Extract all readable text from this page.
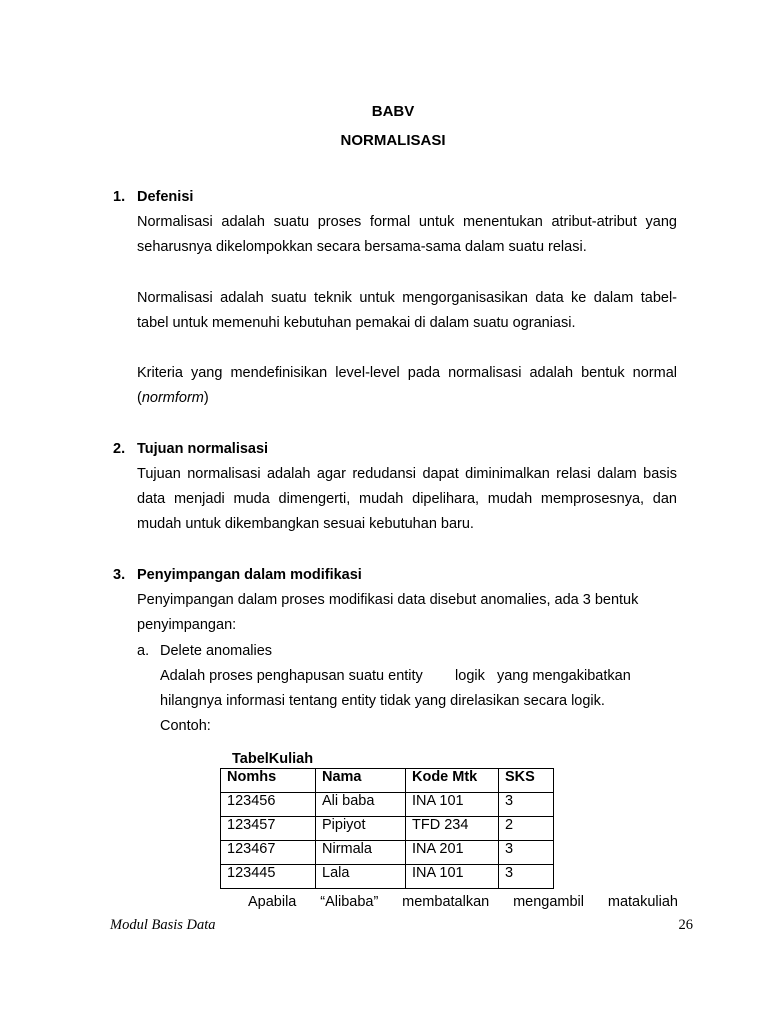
BABV
NORMALISASI
1. Defenisi
Normalisasi adalah suatu proses formal untuk menentukan atribut-atribut yang seharusnya dikelompokkan secara bersama-sama dalam suatu relasi.
Normalisasi adalah suatu teknik untuk mengorganisasikan data ke dalam tabel-tabel untuk memenuhi kebutuhan pemakai di dalam suatu ograniasi.
Kriteria yang mendefinisikan level-level pada normalisasi adalah bentuk normal (normform)
2. Tujuan normalisasi
Tujuan normalisasi adalah agar redudansi dapat diminimalkan relasi dalam basis data menjadi muda dimengerti, mudah dipelihara, mudah memprosesnya, dan mudah untuk dikembangkan sesuai kebutuhan baru.
3. Penyimpangan dalam modifikasi
Penyimpangan dalam proses modifikasi data disebut anomalies, ada 3 bentuk penyimpangan:
a. Delete anomalies
Adalah proses penghapusan suatu entity        logik   yang mengakibatkan
hilangnya informasi tentang entity tidak yang direlasikan secara logik.
Contoh:
TabelKuliah
Nomhs	Nama	Kode Mtk	SKS
123456	Ali baba	INA 101	3
123457	Pipiyot	TFD 234	2
123467	Nirmala	INA 201	3
123445	Lala	INA 101	3
Apabila “Alibaba” membatalkan mengambil matakuliah
Modul Basis Data	26
